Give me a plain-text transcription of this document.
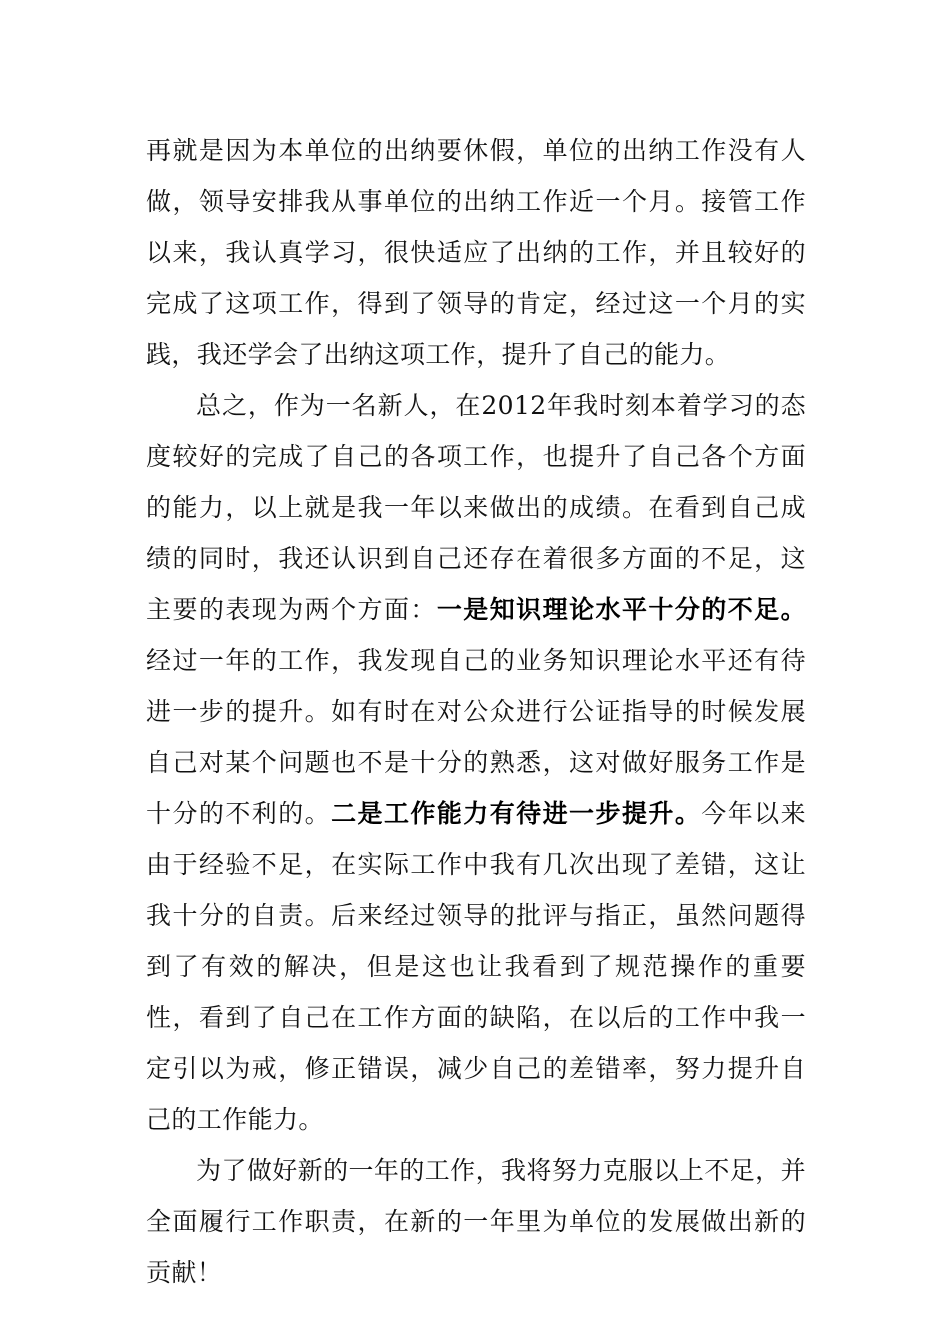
再就是因为本单位的出纳要休假，单位的出纳工作没有人做，领导安排我从事单位的出纳工作近一个月。接管工作以来，我认真学习，很快适应了出纳的工作，并且较好的完成了这项工作，得到了领导的肯定，经过这一个月的实践，我还学会了出纳这项工作，提升了自己的能力。

总之，作为一名新人，在2012年我时刻本着学习的态度较好的完成了自己的各项工作，也提升了自己各个方面的能力，以上就是我一年以来做出的成绩。在看到自己成绩的同时，我还认识到自己还存在着很多方面的不足，这主要的表现为两个方面：一是知识理论水平十分的不足。经过一年的工作，我发现自己的业务知识理论水平还有待进一步的提升。如有时在对公众进行公证指导的时候发展自己对某个问题也不是十分的熟悉，这对做好服务工作是十分的不利的。二是工作能力有待进一步提升。今年以来由于经验不足，在实际工作中我有几次出现了差错，这让我十分的自责。后来经过领导的批评与指正，虽然问题得到了有效的解决，但是这也让我看到了规范操作的重要性，看到了自己在工作方面的缺陷，在以后的工作中我一定引以为戒，修正错误，减少自己的差错率，努力提升自己的工作能力。

为了做好新的一年的工作，我将努力克服以上不足，并全面履行工作职责，在新的一年里为单位的发展做出新的贡献！
